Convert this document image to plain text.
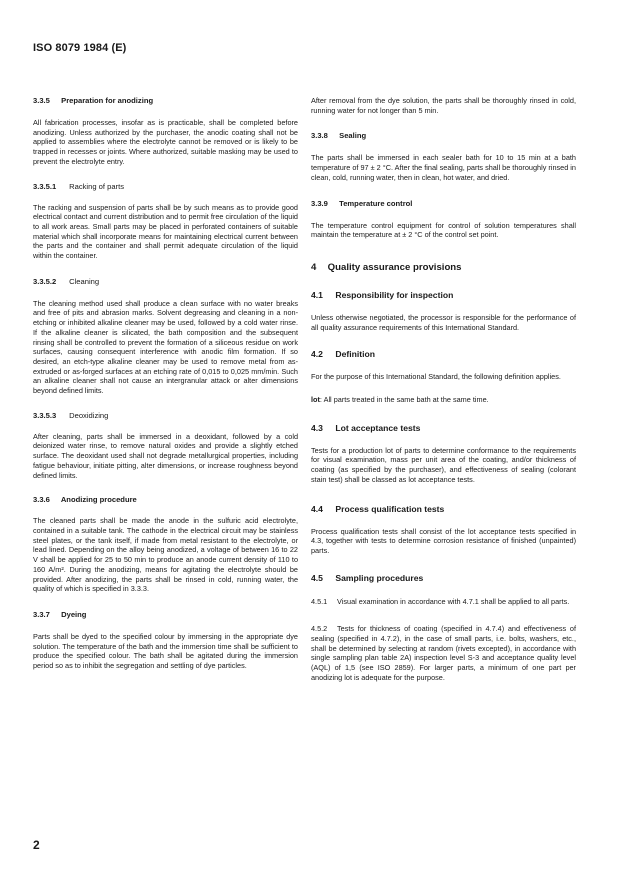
ISO 8079 1984 (E)
3.3.5 Preparation for anodizing

All fabrication processes, insofar as is practicable, shall be completed before anodizing. Unless authorized by the purchaser, the anodic coating shall not be applied to assemblies where the electrolyte cannot be removed or is likely to be trapped in recesses or joints. Where authorized, suitable masking may be used to prevent the electrolyte entry.

3.3.5.1 Racking of parts

The racking and suspension of parts shall be by such means as to provide good electrical contact and current distribution and to permit free circulation of the liquid to all work areas. Small parts may be placed in perforated containers of suitable material which shall incorporate means for maintaining electrical current between the parts and the container and shall permit adequate circulation of the liquid within the container.

3.3.5.2 Cleaning

The cleaning method used shall produce a clean surface with no water breaks and free of pits and abrasion marks. Solvent degreasing and cleaning in a non-etching or inhibited alkaline cleaner may be used, followed by a cold water rinse. If the alkaline cleaner is silicated, the bath composition and the subsequent rinsing shall be controlled to prevent the formation of a siliceous residue on work surfaces, causing consequent interference with anodic film formation. If so desired, an etch-type alkaline cleaner may be used to remove metal from as-extruded or as-forged surfaces at an etching rate of 0,015 to 0,025 mm/min. Such an alkaline cleaner shall not cause an intergranular attack or alter dimensions beyond defined limits.

3.3.5.3 Deoxidizing

After cleaning, parts shall be immersed in a deoxidant, followed by a cold deionized water rinse, to remove natural oxides and provide a slightly etched surface. The deoxidant used shall not degrade metallurgical properties, including fatigue behaviour, initiate pitting, alter dimensions, or increase roughness beyond defined limits.

3.3.6 Anodizing procedure

The cleaned parts shall be made the anode in the sulfuric acid electrolyte, contained in a suitable tank. The cathode in the electrical circuit may be stainless steel plates, or the tank itself, if made from metal resistant to the electrolyte, or lead lined. Depending on the alloy being anodized, a voltage of between 16 to 22 V shall be applied for 25 to 50 min to produce an anode current density of 110 to 160 A/m². During the anodizing, means for agitating the electrolyte should be provided. After anodizing, the parts shall be rinsed in cold, running water, the quality of which is specified in 3.3.3.

3.3.7 Dyeing

Parts shall be dyed to the specified colour by immersing in the appropriate dye solution. The temperature of the bath and the immersion time shall be sufficient to produce the specified colour. The bath shall be agitated during the immersion period so as to inhibit the segregation and settling of dye particles.

After removal from the dye solution, the parts shall be thoroughly rinsed in cold, running water for not longer than 5 min.

3.3.8 Sealing

The parts shall be immersed in each sealer bath for 10 to 15 min at a bath temperature of 97 ± 2 °C. After the final sealing, parts shall be thoroughly rinsed in clean, cold, running water, then in clean, hot water, and dried.

3.3.9 Temperature control

The temperature control equipment for control of solution temperatures shall maintain the temperature at ± 2 °C of the control set point.

4 Quality assurance provisions
4.1 Responsibility for inspection

Unless otherwise negotiated, the processor is responsible for the performance of all quality assurance requirements of this International Standard.

4.2 Definition

For the purpose of this International Standard, the following definition applies.

lot: All parts treated in the same bath at the same time.

4.3 Lot acceptance tests

Tests for a production lot of parts to determine conformance to the requirements for visual examination, mass per unit area of the coating, and/or thickness of coating (as specified by the purchaser), and effectiveness of sealing (colorant stain test) shall be classed as lot acceptance tests.

4.4 Process qualification tests

Process qualification tests shall consist of the lot acceptance tests specified in 4.3, together with tests to determine corrosion resistance of finished (unpainted) parts.

4.5 Sampling procedures

4.5.1 Visual examination in accordance with 4.7.1 shall be applied to all parts.

4.5.2 Tests for thickness of coating (specified in 4.7.4) and effectiveness of sealing (specified in 4.7.2), in the case of small parts, i.e. bolts, washers, etc., shall be determined by selecting at random (rivets excepted), in accordance with single sampling plan table 2A) inspection level S-3 and acceptance quality level (AQL) of 1,5 (see ISO 2859). For larger parts, a minimum of one part per anodizing lot is adequate for the purpose.

2
